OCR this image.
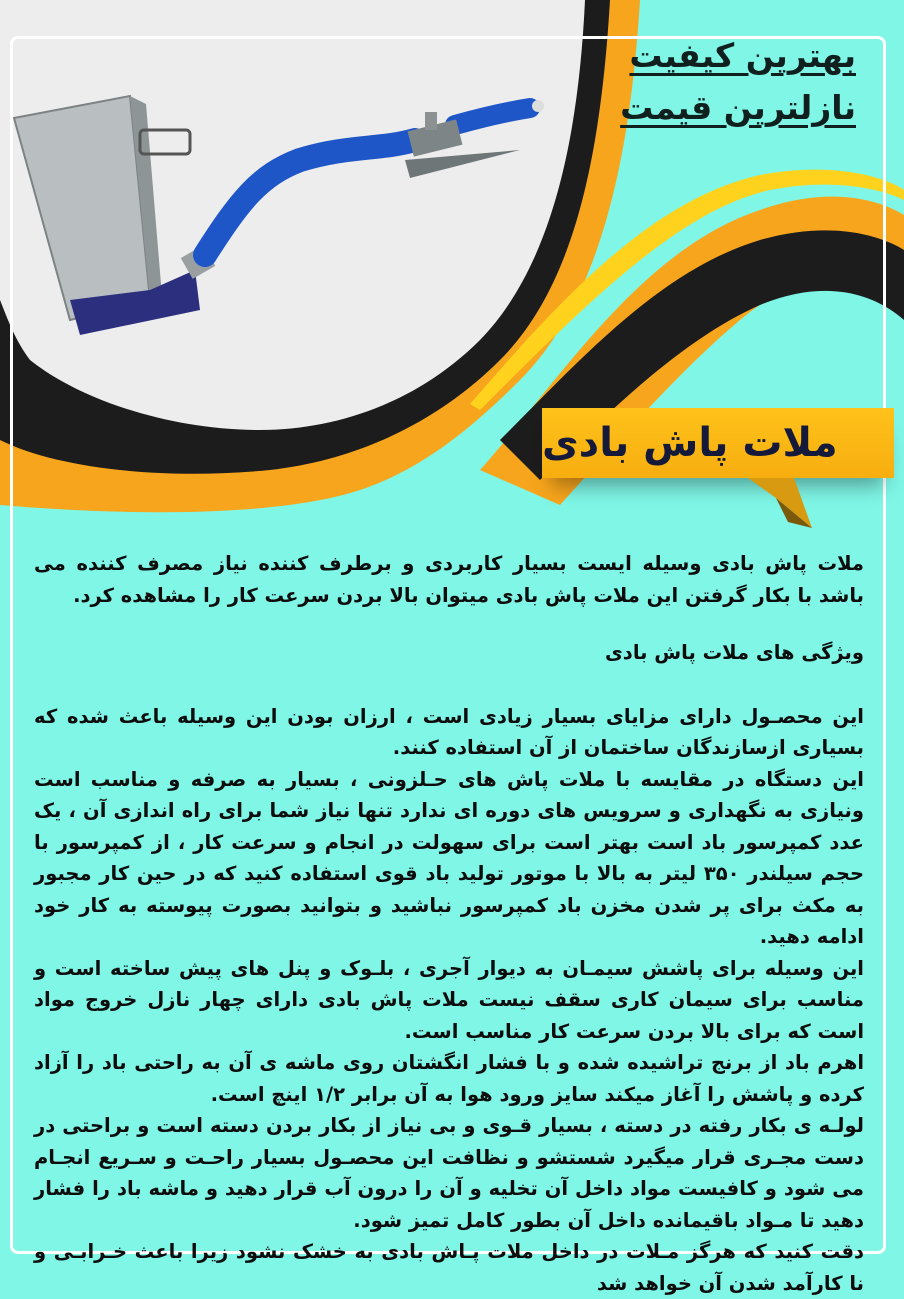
بهترین کیفیت
نازلترین قیمت
ملات پاش بادی

ملات پاش بادی وسیله ایست بسیار کاربردی و برطرف کننده نیاز مصرف کننده می باشد با بکار گرفتن این ملات پاش بادی میتوان بالا بردن سرعت کار را مشاهده کرد.

ویژگی های ملات پاش بادی

این محصـول دارای مزایای بسیار زیادی است ، ارزان بودن این وسیله باعث شده که بسیاری ازسازندگان ساختمان از آن استفاده کنند.

این دستگاه در مقایسه با ملات پاش های حـلزونی ، بسیار به صرفه و مناسب است ونیازی به نگهداری و سرویس های دوره ای ندارد تنها نیاز شما برای راه اندازی آن ، یک عدد کمپرسور باد است بهتر است برای سهولت در انجام و سرعت کار ، از کمپرسور با حجم سیلندر ۳۵۰ لیتر به بالا با موتور تولید باد قوی استفاده کنید که در حین کار مجبور به مکث برای پر شدن مخزن باد کمپرسور نباشید و بتوانید بصورت پیوسته به کار خود ادامه دهید.

این وسیله برای پاشش سیمـان به دیوار آجری ، بلـوک و پنل های پیش ساخته است و مناسب برای سیمان کاری سقف نیست ملات پاش بادی دارای چهار نازل خروج مواد است که برای بالا بردن سرعت کار مناسب است.

اهرم باد از برنج تراشیده شده و با فشار انگشتان روی ماشه ی آن به راحتی باد را آزاد کرده و پاشش را آغاز میکند سایز ورود هوا به آن برابر ۱/۲ اینچ است.

لولـه ی بکار رفته در دسته ، بسیار قـوی و بی نیاز از بکار بردن دسته است و براحتی در دست مجـری قرار میگیرد شستشو و نظافت این محصـول بسیار راحـت و سـریع انجـام می شود و کافیست مواد داخل آن تخلیه و آن را درون آب قرار دهید و ماشه باد را فشار دهید تا مـواد باقیمانده داخل آن بطور کامل تمیز شود.

دقت کنید که هرگز مـلات در داخل ملات پـاش بادی به خشک نشود زیرا باعث خـرابـی و نا کارآمد شدن آن خواهد شد
